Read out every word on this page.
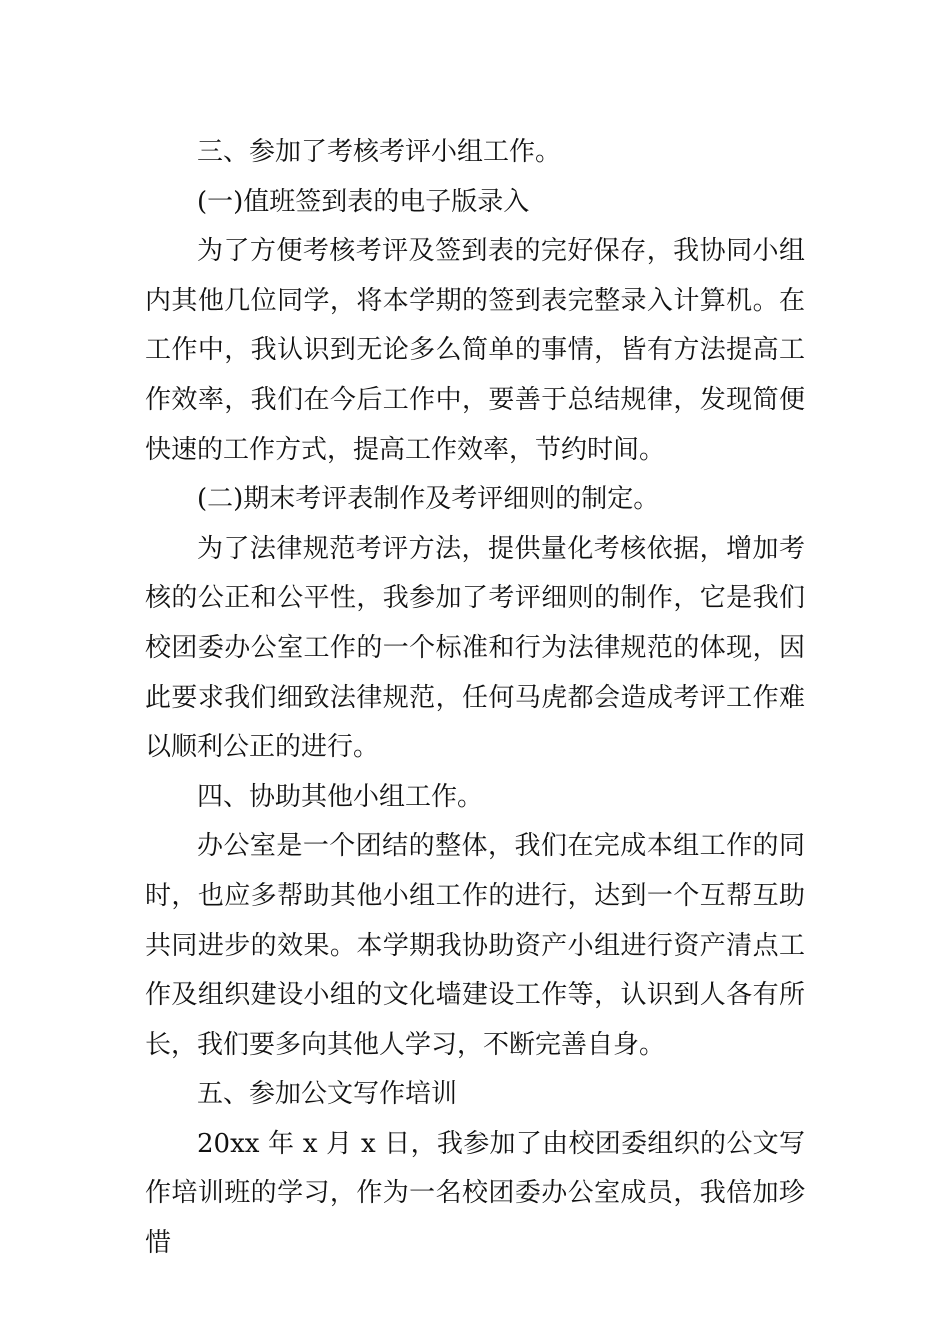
三、参加了考核考评小组工作。

(一)值班签到表的电子版录入

为了方便考核考评及签到表的完好保存，我协同小组内其他几位同学，将本学期的签到表完整录入计算机。在工作中，我认识到无论多么简单的事情，皆有方法提高工作效率，我们在今后工作中，要善于总结规律，发现简便快速的工作方式，提高工作效率，节约时间。

(二)期末考评表制作及考评细则的制定。

为了法律规范考评方法，提供量化考核依据，增加考核的公正和公平性，我参加了考评细则的制作，它是我们校团委办公室工作的一个标准和行为法律规范的体现，因此要求我们细致法律规范，任何马虎都会造成考评工作难以顺利公正的进行。

四、协助其他小组工作。

办公室是一个团结的整体，我们在完成本组工作的同时，也应多帮助其他小组工作的进行，达到一个互帮互助共同进步的效果。本学期我协助资产小组进行资产清点工作及组织建设小组的文化墙建设工作等，认识到人各有所长，我们要多向其他人学习，不断完善自身。

五、参加公文写作培训

20xx 年 x 月 x 日，我参加了由校团委组织的公文写作培训班的学习，作为一名校团委办公室成员，我倍加珍惜
